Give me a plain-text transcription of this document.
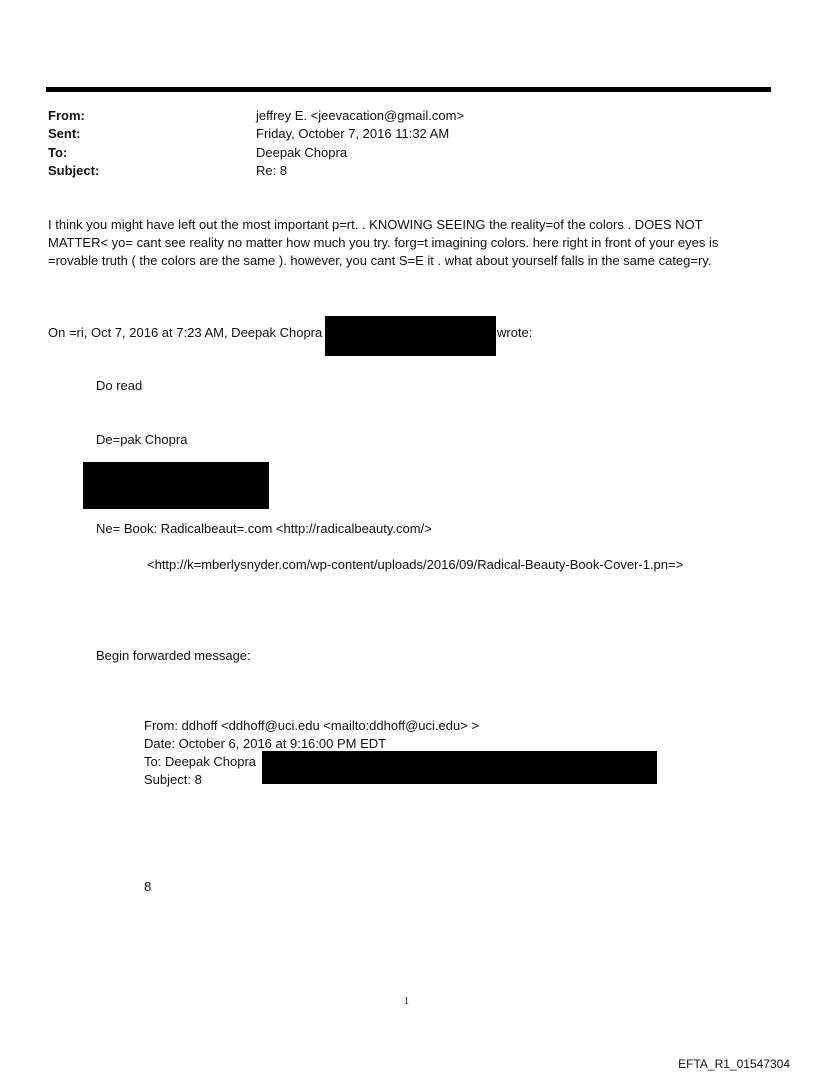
From:	jeffrey E. <jeevacation@gmail.com>
Sent:	Friday, October 7, 2016 11:32 AM
To:	Deepak Chopra
Subject:	Re: 8
I think you might have left out the most important p=rt. . KNOWING SEEING the reality=of the colors . DOES NOT MATTER< yo= cant see reality no matter how much you try. forg=t imagining colors. here right in front of your eyes is =rovable truth ( the colors are the same ). however, you cant S=E it . what about yourself falls in the same categ=ry.
On =ri, Oct 7, 2016 at 7:23 AM, Deepak Chopra	wrote:
Do read
De=pak Chopra
Ne= Book: Radicalbeaut=.com <http://radicalbeauty.com/>
<http://k=mberlysnyder.com/wp-content/uploads/2016/09/Radical-Beauty-Book-Cover-1.pn=>
Begin forwarded message:
From: ddhoff <ddhoff@uci.edu <mailto:ddhoff@uci.edu> >
Date: October 6, 2016 at 9:16:00 PM EDT
To: Deepak Chopra
Subject: 8
8
1
EFTA_R1_01547304
